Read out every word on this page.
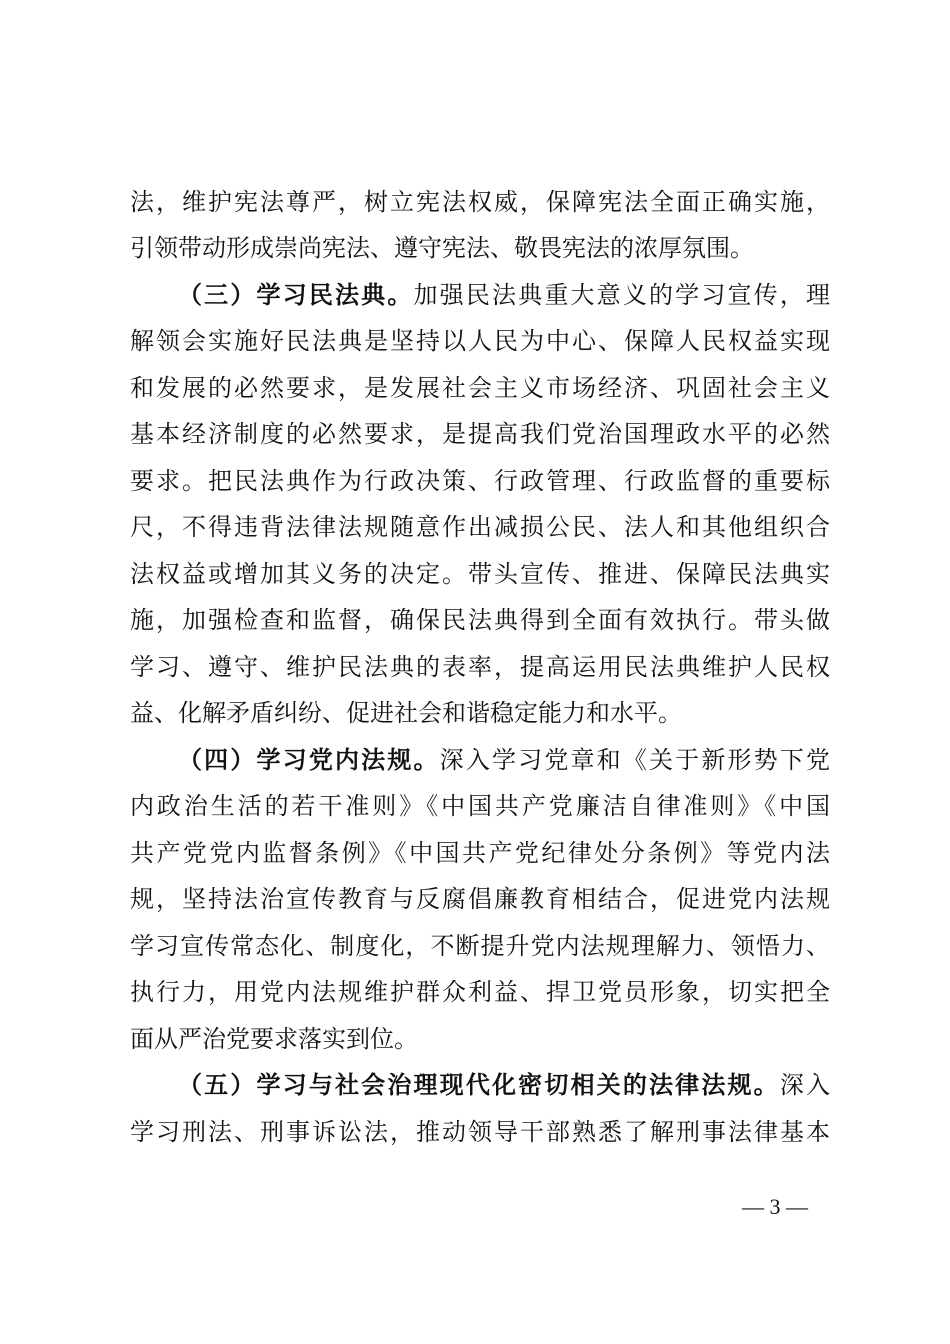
法，维护宪法尊严，树立宪法权威，保障宪法全面正确实施，
引领带动形成崇尚宪法、遵守宪法、敬畏宪法的浓厚氛围。
（三）学习民法典。加强民法典重大意义的学习宣传，理
解领会实施好民法典是坚持以人民为中心、保障人民权益实现
和发展的必然要求，是发展社会主义市场经济、巩固社会主义
基本经济制度的必然要求，是提高我们党治国理政水平的必然
要求。把民法典作为行政决策、行政管理、行政监督的重要标
尺，不得违背法律法规随意作出减损公民、法人和其他组织合
法权益或增加其义务的决定。带头宣传、推进、保障民法典实
施，加强检查和监督，确保民法典得到全面有效执行。带头做
学习、遵守、维护民法典的表率，提高运用民法典维护人民权
益、化解矛盾纠纷、促进社会和谐稳定能力和水平。
（四）学习党内法规。深入学习党章和《关于新形势下党
内政治生活的若干准则》《中国共产党廉洁自律准则》《中国
共产党党内监督条例》《中国共产党纪律处分条例》等党内法
规，坚持法治宣传教育与反腐倡廉教育相结合，促进党内法规
学习宣传常态化、制度化，不断提升党内法规理解力、领悟力、
执行力，用党内法规维护群众利益、捍卫党员形象，切实把全
面从严治党要求落实到位。
（五）学习与社会治理现代化密切相关的法律法规。深入
学习刑法、刑事诉讼法，推动领导干部熟悉了解刑事法律基本
— 3 —
